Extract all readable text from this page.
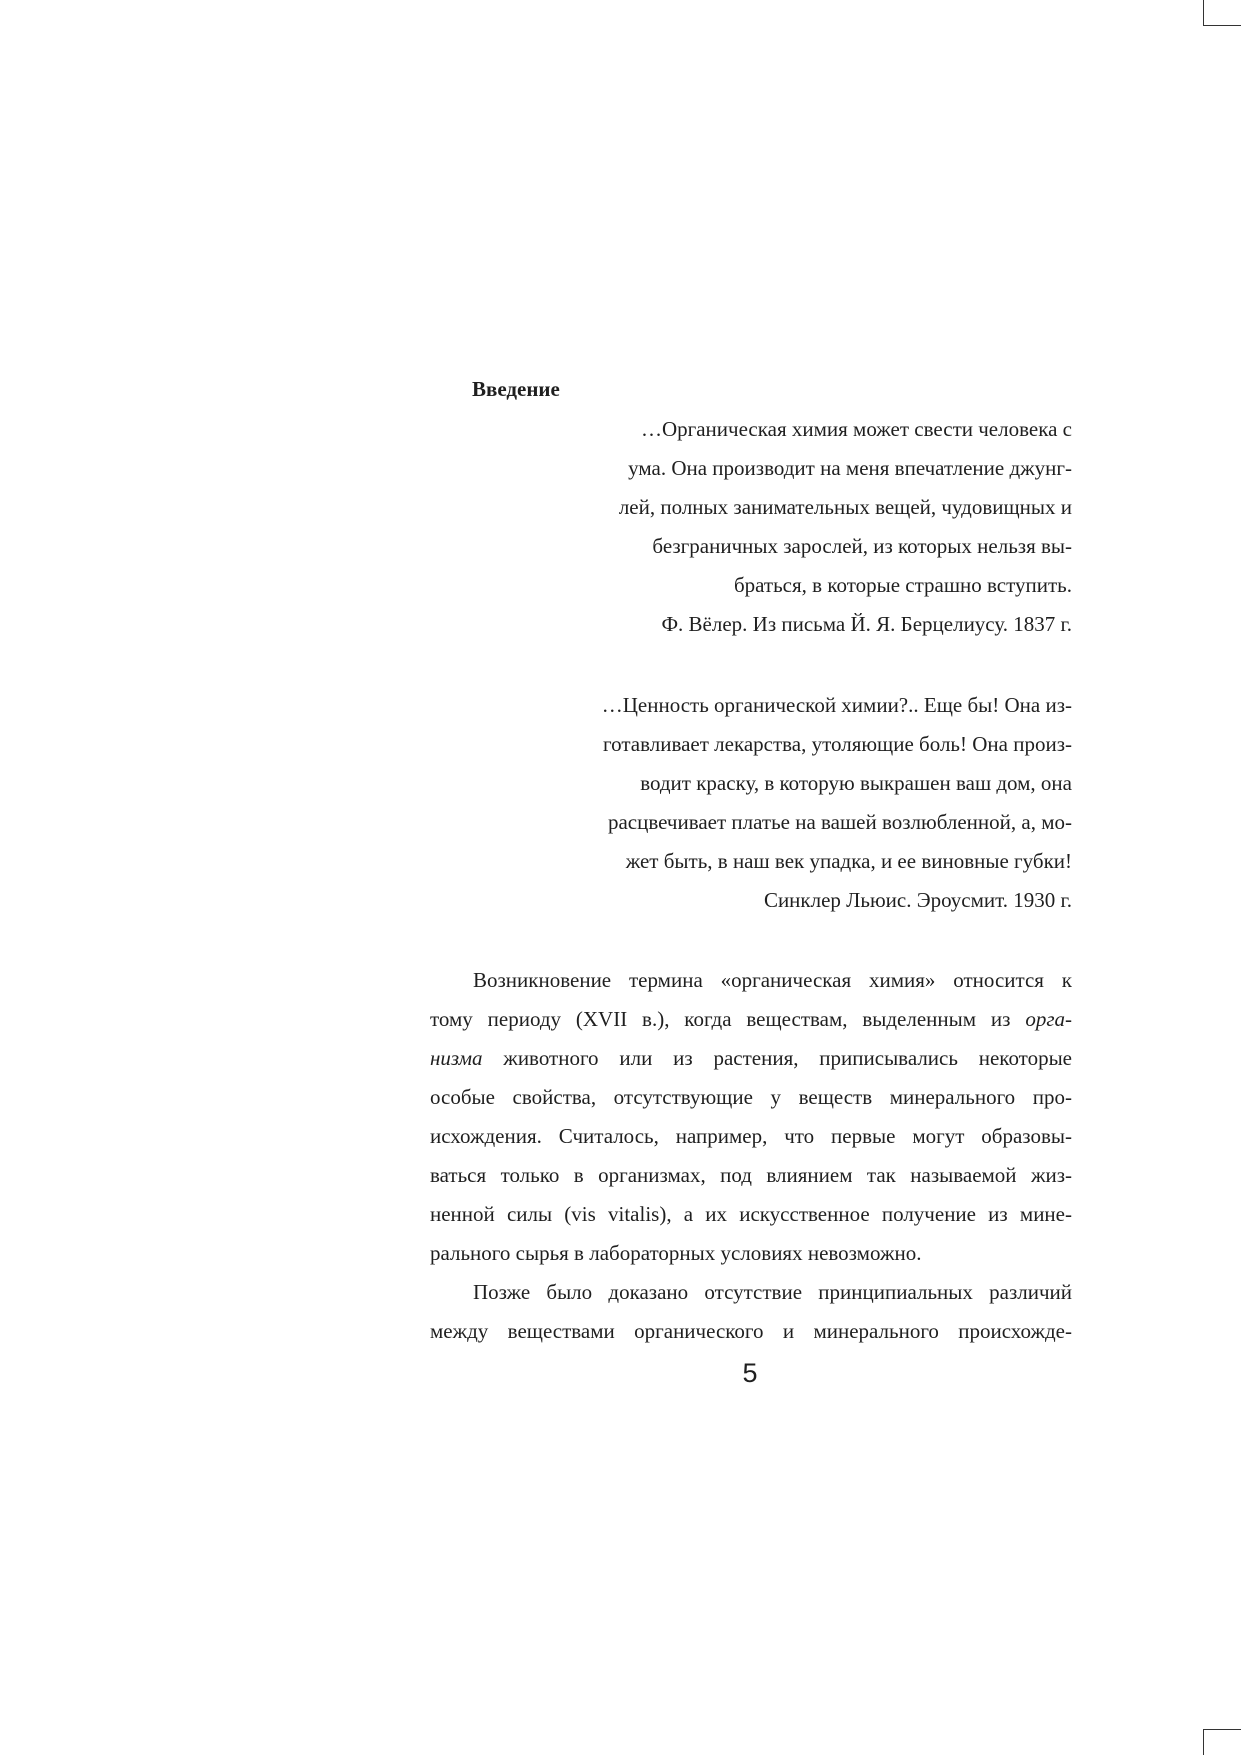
Введение
…Органическая химия может свести человека с
ума. Она производит на меня впечатление джунг-
лей, полных занимательных вещей, чудовищных и
безграничных зарослей, из которых нельзя вы-
браться, в которые страшно вступить.
Ф. Вёлер. Из письма Й. Я. Берцелиусу. 1837 г.
…Ценность органической химии?.. Еще бы! Она из-
готавливает лекарства, утоляющие боль! Она произ-
водит краску, в которую выкрашен ваш дом, она
расцвечивает платье на вашей возлюбленной, а, мо-
жет быть, в наш век упадка, и ее виновные губки!
Синклер Льюис. Эроусмит. 1930 г.
Возникновение термина «органическая химия» относится к
тому периоду (XVII в.), когда веществам, выделенным из орга-
низма животного или из растения, приписывались некоторые
особые свойства, отсутствующие у веществ минерального про-
исхождения. Считалось, например, что первые могут образовы-
ваться только в организмах, под влиянием так называемой жиз-
ненной силы (vis vitalis), а их искусственное получение из мине-
рального сырья в лабораторных условиях невозможно.
Позже было доказано отсутствие принципиальных различий
между веществами органического и минерального происхожде-
5
